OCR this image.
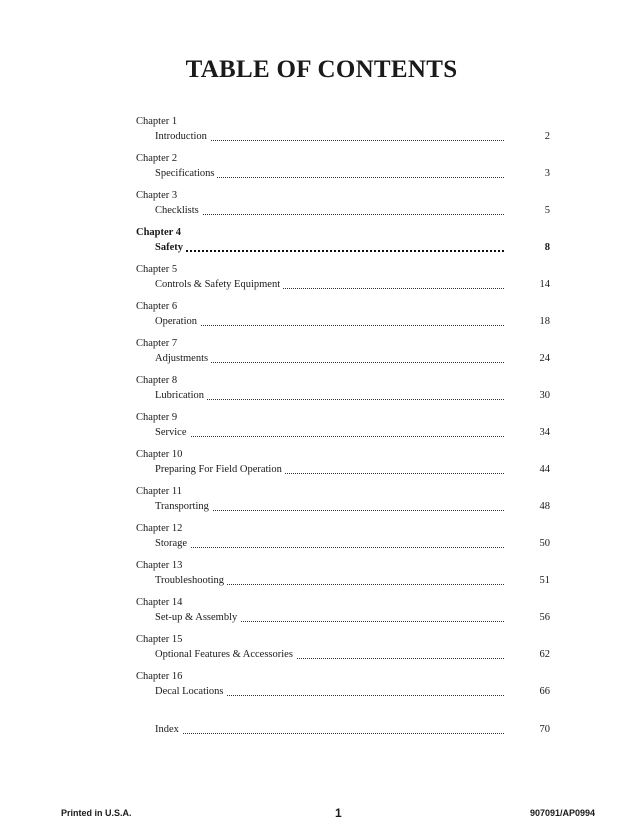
TABLE OF CONTENTS
Chapter 1
Introduction	2
Chapter 2
Specifications	3
Chapter 3
Checklists	5
Chapter 4
Safety	8
Chapter 5
Controls & Safety Equipment	14
Chapter 6
Operation	18
Chapter 7
Adjustments	24
Chapter 8
Lubrication	30
Chapter 9
Service	34
Chapter 10
Preparing For Field Operation	44
Chapter 11
Transporting	48
Chapter 12
Storage	50
Chapter 13
Troubleshooting	51
Chapter 14
Set-up & Assembly	56
Chapter 15
Optional Features & Accessories	62
Chapter 16
Decal Locations	66
Index	70
Printed in U.S.A.	1	907091/AP0994
